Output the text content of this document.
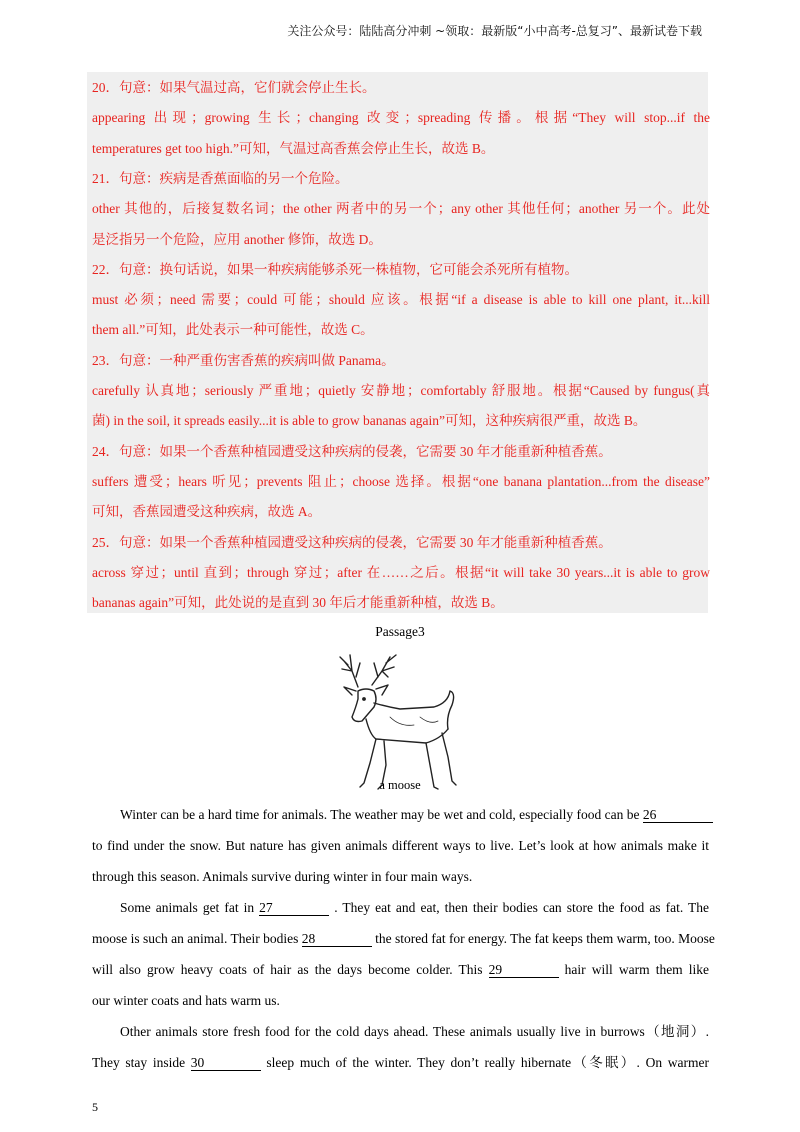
关注公众号：陆陆高分冲刺 ~领取：最新版“小中高考-总复习”、最新试卷下载
20．句意：如果气温过高，它们就会停止生长。
appearing 出现；growing 生长；changing 改变；spreading 传播。根据“They will stop...if the
temperatures get too high.”可知，气温过高香蕉会停止生长，故选 B。
21．句意：疾病是香蕉面临的另一个危险。
other 其他的，后接复数名词；the other 两者中的另一个；any other 其他任何；another 另一个。此处
是泛指另一个危险，应用 another 修饰，故选 D。
22．句意：换句话说，如果一种疾病能够杀死一株植物，它可能会杀死所有植物。
must 必须；need 需要；could 可能；should 应该。根据“if a disease is able to kill one plant, it...kill
them all.”可知，此处表示一种可能性，故选 C。
23．句意：一种严重伤害香蕉的疾病叫做 Panama。
carefully 认真地；seriously 严重地；quietly 安静地；comfortably 舒服地。根据“Caused by fungus(真
菌) in the soil, it spreads easily...it is able to grow bananas again”可知，这种疾病很严重，故选 B。
24．句意：如果一个香蕉种植园遭受这种疾病的侵袭，它需要 30 年才能重新种植香蕉。
suffers 遭受；hears 听见；prevents 阻止；choose 选择。根据“one banana plantation...from the disease”
可知，香蕉园遭受这种疾病，故选 A。
25．句意：如果一个香蕉种植园遭受这种疾病的侵袭，它需要 30 年才能重新种植香蕉。
across 穿过；until 直到；through 穿过；after 在……之后。根据“it will take 30 years...it is able to grow
bananas again”可知，此处说的是直到 30 年后才能重新种植，故选 B。
Passage3
a moose
Winter can be a hard time for animals. The weather may be wet and cold, especially food can be 26
to find under the snow. But nature has given animals different ways to live. Let’s look at how animals make it
through this season. Animals survive during winter in four main ways.
Some animals get fat in 27	. They eat and eat, then their bodies can store the food as fat. The
moose is such an animal. Their bodies 28	the stored fat for energy. The fat keeps them warm, too. Moose
will also grow heavy coats of hair as the days become colder. This 29	hair will warm them like
our winter coats and hats warm us.
Other animals store fresh food for the cold days ahead. These animals usually live in burrows（地洞）.
They stay inside 30	sleep much of the winter. They don’t really hibernate（冬眠）. On warmer
5
